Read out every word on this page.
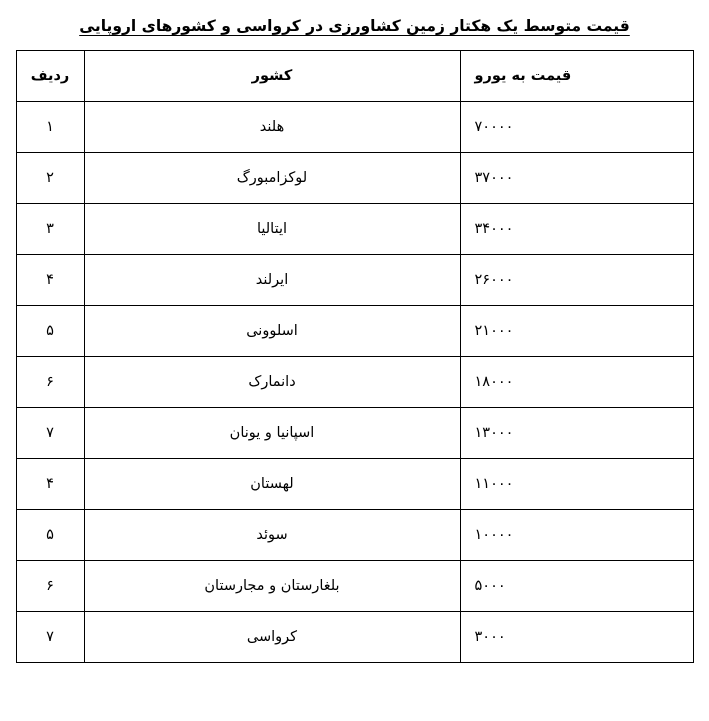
قیمت متوسط یک هکتار زمین کشاورزی در کرواسی و کشورهای اروپایی
قیمت به یورو	کشور	ردیف
۷۰۰۰۰	هلند	۱
۳۷۰۰۰	لوکزامبورگ	۲
۳۴۰۰۰	ایتالیا	۳
۲۶۰۰۰	ایرلند	۴
۲۱۰۰۰	اسلوونی	۵
۱۸۰۰۰	دانمارک	۶
۱۳۰۰۰	اسپانیا و یونان	۷
۱۱۰۰۰	لهستان	۴
۱۰۰۰۰	سوئد	۵
۵۰۰۰	بلغارستان و مجارستان	۶
۳۰۰۰	کرواسی	۷
